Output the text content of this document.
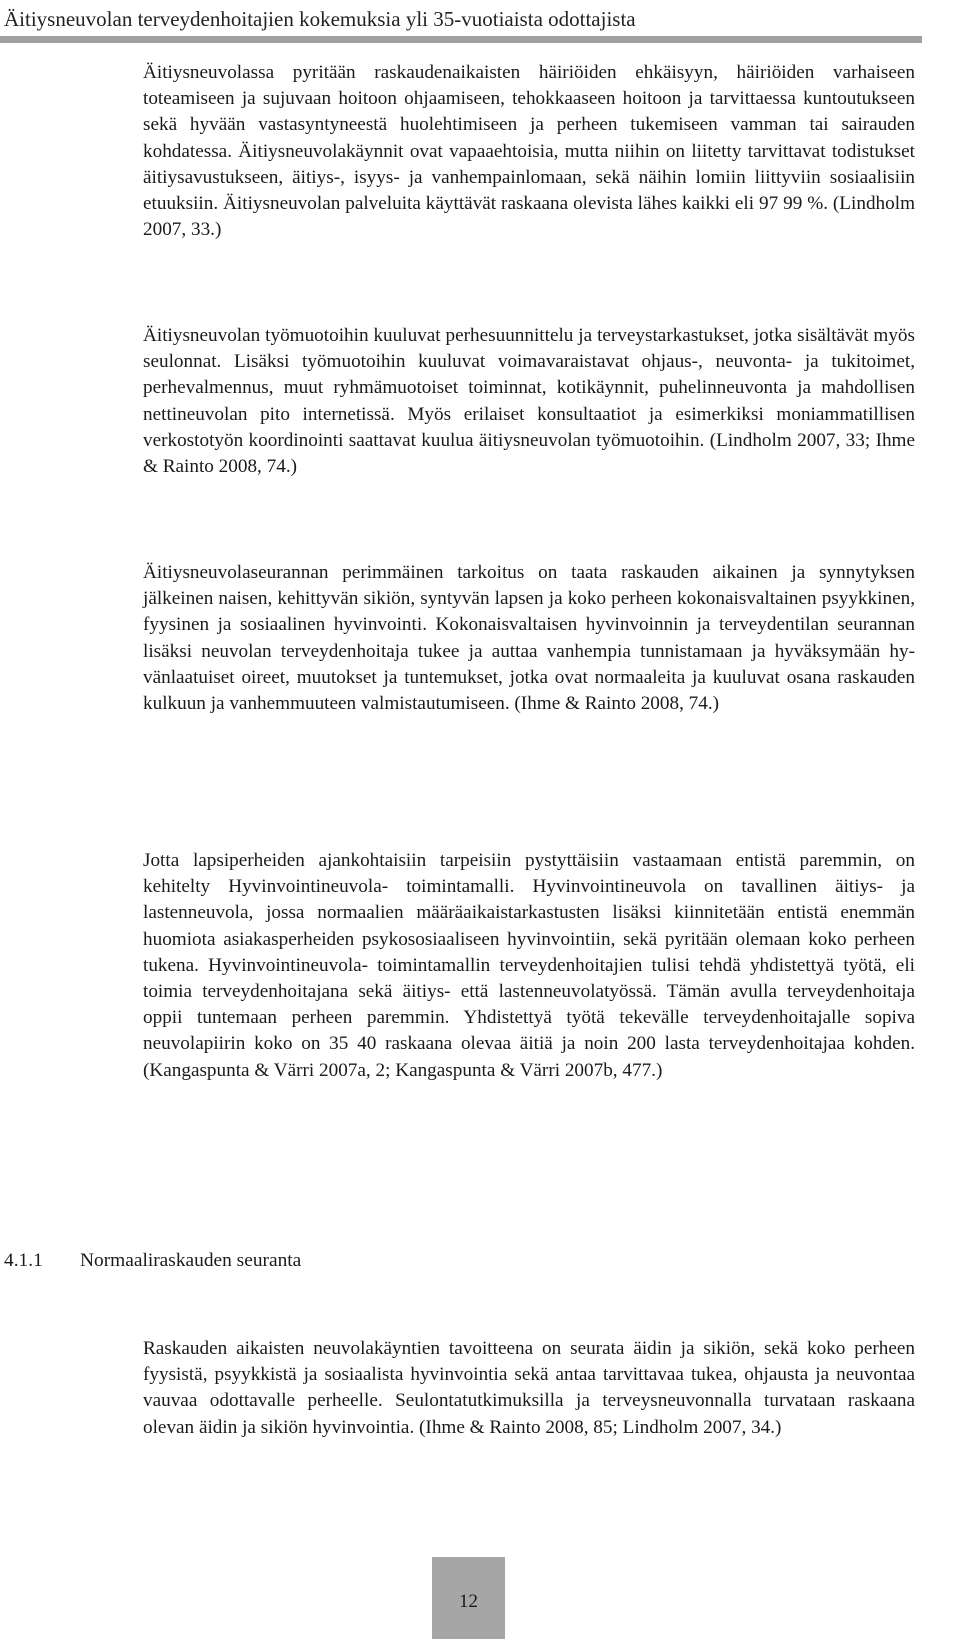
Äitiysneuvolan terveydenhoitajien kokemuksia yli 35-vuotiaista odottajista

Äitiysneuvolassa pyritään raskaudenaikaisten häiriöiden ehkäisyyn, häiriöiden varhaiseen toteamiseen ja sujuvaan hoitoon ohjaamiseen, tehokkaaseen hoitoon ja tarvittaessa kuntoutukseen sekä hyvään vastasyntyneestä huolehtimiseen ja perheen tukemiseen vamman tai sairauden kohdatessa. Äitiysneuvolakäynnit ovat vapaaehtoisia, mutta niihin on liitetty tarvittavat todistukset äitiysavustukseen, äitiys-, isyys- ja vanhempainlomaan, sekä näihin lomiin liittyviin sosiaalisiin etuuksiin. Äitiysneuvolan palveluita käyttävät raskaana olevista lähes kaikki eli 97 99 %. (Lindholm 2007, 33.)

Äitiysneuvolan työmuotoihin kuuluvat perhesuunnittelu ja terveystarkastukset, jotka sisältävät myös seulonnat. Lisäksi työmuotoihin kuuluvat voimavaraistavat ohjaus-, neuvonta- ja tukitoimet, perhevalmennus, muut ryhmämuotoiset toiminnat, kotikäynnit, puhelinneuvonta ja mahdollisen nettineuvolan pito internetissä. Myös erilaiset konsultaatiot ja esimerkiksi moniammatillisen verkostotyön koordinointi saattavat kuulua äitiysneuvolan työmuotoihin. (Lindholm 2007, 33; Ihme & Rainto 2008, 74.)

Äitiysneuvolaseurannan perimmäinen tarkoitus on taata raskauden aikainen ja synnytyksen jälkeinen naisen, kehittyvän sikiön, syntyvän lapsen ja koko perheen kokonaisvaltainen psyykkinen, fyysinen ja sosiaalinen hyvinvointi. Kokonaisvaltaisen hyvinvoinnin ja terveydentilan seurannan lisäksi neuvolan terveydenhoitaja tukee ja auttaa vanhempia tunnistamaan ja hyväksymään hyvänlaatuiset oireet, muutokset ja tuntemukset, jotka ovat normaaleita ja kuuluvat osana raskauden kulkuun ja vanhemmuuteen valmistautumiseen. (Ihme & Rainto 2008, 74.)

Jotta lapsiperheiden ajankohtaisiin tarpeisiin pystyttäisiin vastaamaan entistä paremmin, on kehitelty Hyvinvointineuvola- toimintamalli. Hyvinvointineuvola on tavallinen äitiys- ja lastenneuvola, jossa normaalien määräaikaistarkastusten lisäksi kiinnitetään entistä enemmän huomiota asiakasperheiden psykososiaaliseen hyvinvointiin, sekä pyritään olemaan koko perheen tukena. Hyvinvointineuvola- toimintamallin terveydenhoitajien tulisi tehdä yhdistettyä työtä, eli toimia terveydenhoitajana sekä äitiys- että lastenneuvolatyössä. Tämän avulla terveydenhoitaja oppii tuntemaan perheen paremmin. Yhdistettyä työtä tekevälle terveydenhoitajalle sopiva neuvolapiirin koko on 35 40 raskaana olevaa äitiä ja noin 200 lasta terveydenhoitajaa kohden. (Kangaspunta & Värri 2007a, 2; Kangaspunta & Värri 2007b, 477.)

4.1.1 Normaaliraskauden seuranta

Raskauden aikaisten neuvolakäyntien tavoitteena on seurata äidin ja sikiön, sekä koko perheen fyysistä, psyykkistä ja sosiaalista hyvinvointia sekä antaa tarvittavaa tukea, ohjausta ja neuvontaa vauvaa odottavalle perheelle. Seulontatutkimuksilla ja terveysneuvonnalla turvataan raskaana olevan äidin ja sikiön hyvinvointia. (Ihme & Rainto 2008, 85; Lindholm 2007, 34.)

12
